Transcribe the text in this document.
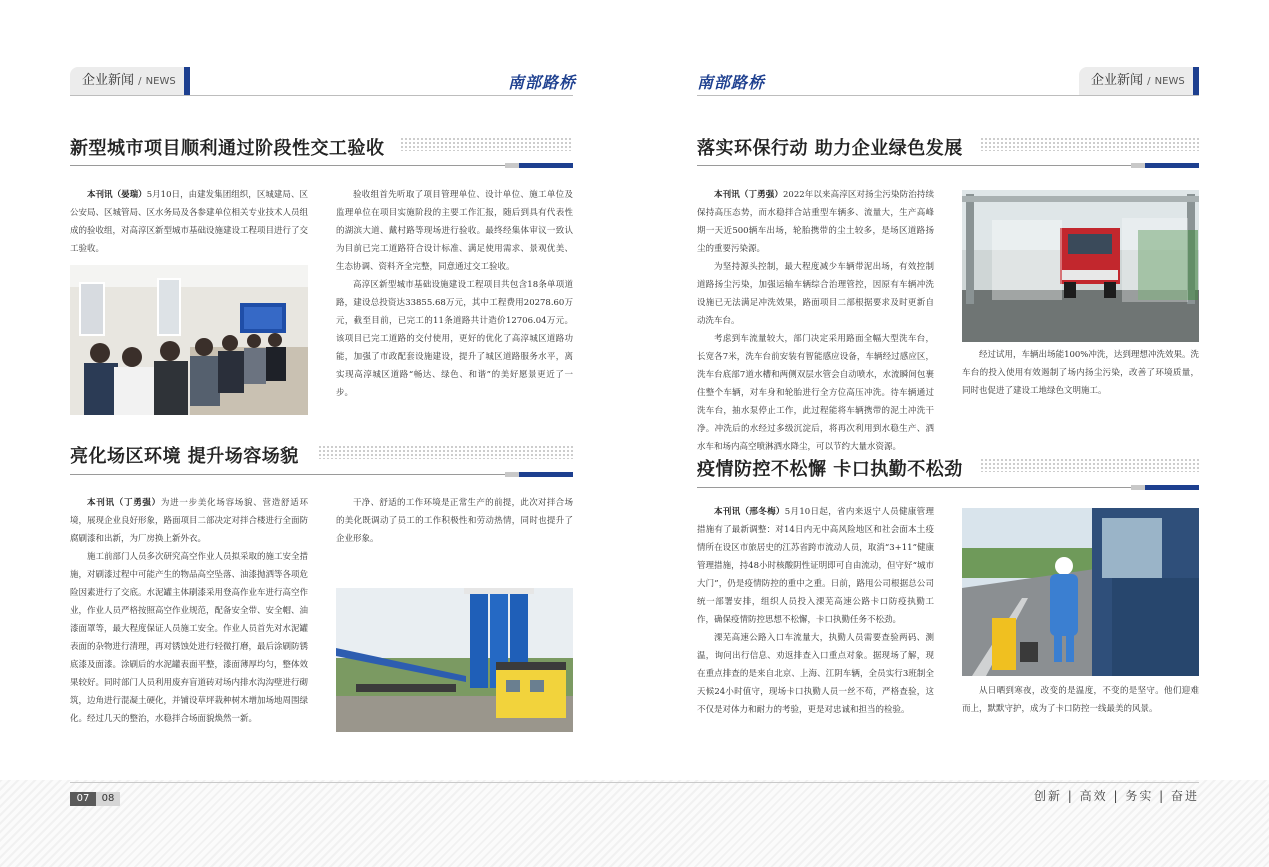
企业新闻 / NEWS	南部路桥	南部路桥	企业新闻 / NEWS
新型城市项目顺利通过阶段性交工验收

本刊讯（晏瑞）5月10日，由建发集团组织，区城建局、区公安局、区城管局、区水务局及各参建单位相关专业技术人员组成的验收组，对高淳区新型城市基础设施建设工程项目进行了交工验收。

验收组首先听取了项目管理单位、设计单位、施工单位及监理单位在项目实施阶段的主要工作汇报，随后到具有代表性的湖滨大道、戴村路等现场进行验收。最终经集体审议一致认为目前已完工道路符合设计标准、满足使用需求、景观优美、生态协调、资料齐全完整，同意通过交工验收。

高淳区新型城市基础设施建设工程项目共包含18条单项道路，建设总投资达33855.68万元，其中工程费用20278.60万元，截至目前，已完工的11条道路共计造价12706.04万元。该项目已完工道路的交付使用，更好的优化了高淳城区道路功能，加强了市政配套设施建设，提升了城区道路服务水平，离实现高淳城区道路“畅达、绿色、和谐”的美好愿景更近了一步。

亮化场区环境 提升场容场貌

本刊讯（丁勇强）为进一步美化场容场貌、营造舒适环境，展现企业良好形象，路面项目二部决定对拌合楼进行全面防腐刷漆和出新，为厂房换上新外衣。

施工前部门人员多次研究高空作业人员拟采取的施工安全措施，对刷漆过程中可能产生的物品高空坠落、油漆抛洒等各项危险因素进行了交底。水泥罐主体刷漆采用登高作业车进行高空作业，作业人员严格按照高空作业规范，配备安全带、安全帽、油漆面罩等，最大程度保证人员施工安全。作业人员首先对水泥罐表面的杂物进行清理，再对锈蚀处进行轻微打磨，最后涂刷防锈底漆及面漆。涂刷后的水泥罐表面平整，漆面薄厚均匀，整体效果较好。同时部门人员利用废弃盲道砖对场内排水沟沟壁进行砌筑，边角进行混凝土硬化，并铺设草坪栽种树木增加场地周围绿化。经过几天的整治，水稳拌合场面貌焕然一新。

干净、舒适的工作环境是正常生产的前提，此次对拌合场的美化既调动了员工的工作积极性和劳动热情，同时也提升了企业形象。

落实环保行动 助力企业绿色发展

本刊讯（丁勇强）2022年以来高淳区对扬尘污染防治持续保持高压态势，而水稳拌合站重型车辆多、流量大，生产高峰期一天近500辆车出场，轮胎携带的尘土较多，是场区道路扬尘的重要污染源。

为坚持源头控制，最大程度减少车辆带泥出场，有效控制道路扬尘污染，加强运输车辆综合治理管控，因原有车辆冲洗设施已无法满足冲洗效果，路面项目二部根据要求及时更新自动洗车台。

考虑到车流量较大，部门决定采用路面全幅大型洗车台，长宽各7米，洗车台前安装有智能感应设备，车辆经过感应区，洗车台底部7道水槽和两侧双层水管会自动喷水，水流瞬间包裹住整个车辆，对车身和轮胎进行全方位高压冲洗。待车辆通过洗车台，抽水泵停止工作，此过程能将车辆携带的泥土冲洗干净。冲洗后的水经过多级沉淀后，将再次利用到水稳生产、洒水车和场内高空喷淋洒水降尘，可以节约大量水资源。

经过试用，车辆出场能100%冲洗，达到理想冲洗效果。洗车台的投入使用有效遏制了场内扬尘污染，改善了环境质量，同时也促进了建设工地绿色文明施工。

疫情防控不松懈 卡口执勤不松劲

本刊讯（邢冬梅）5月10日起，省内来返宁人员健康管理措施有了最新调整：对14日内无中高风险地区和社会面本土疫情所在设区市旅居史的江苏省跨市流动人员，取消“3+11”健康管理措施，持48小时核酸阴性证明即可自由流动，但守好“城市大门”，仍是疫情防控的重中之重。日前，路甩公司根据总公司统一部署安排，组织人员投入溧芜高速公路卡口防疫执勤工作，确保疫情防控思想不松懈，卡口执勤任务不松劲。

溧芜高速公路入口车流量大，执勤人员需要查验两码、测温，询问出行信息、劝返排查入口重点对象。据现场了解，现在重点排查的是来自北京、上海、江阴车辆，全员实行3班制全天候24小时值守，现场卡口执勤人员一丝不苟，严格查验，这不仅是对体力和耐力的考验，更是对忠诚和担当的检验。

从日晒到寒夜，改变的是温度，不变的是坚守。他们迎难而上，默默守护，成为了卡口防控一线最美的风景。

07	08	创新 | 高效 | 务实 | 奋进
